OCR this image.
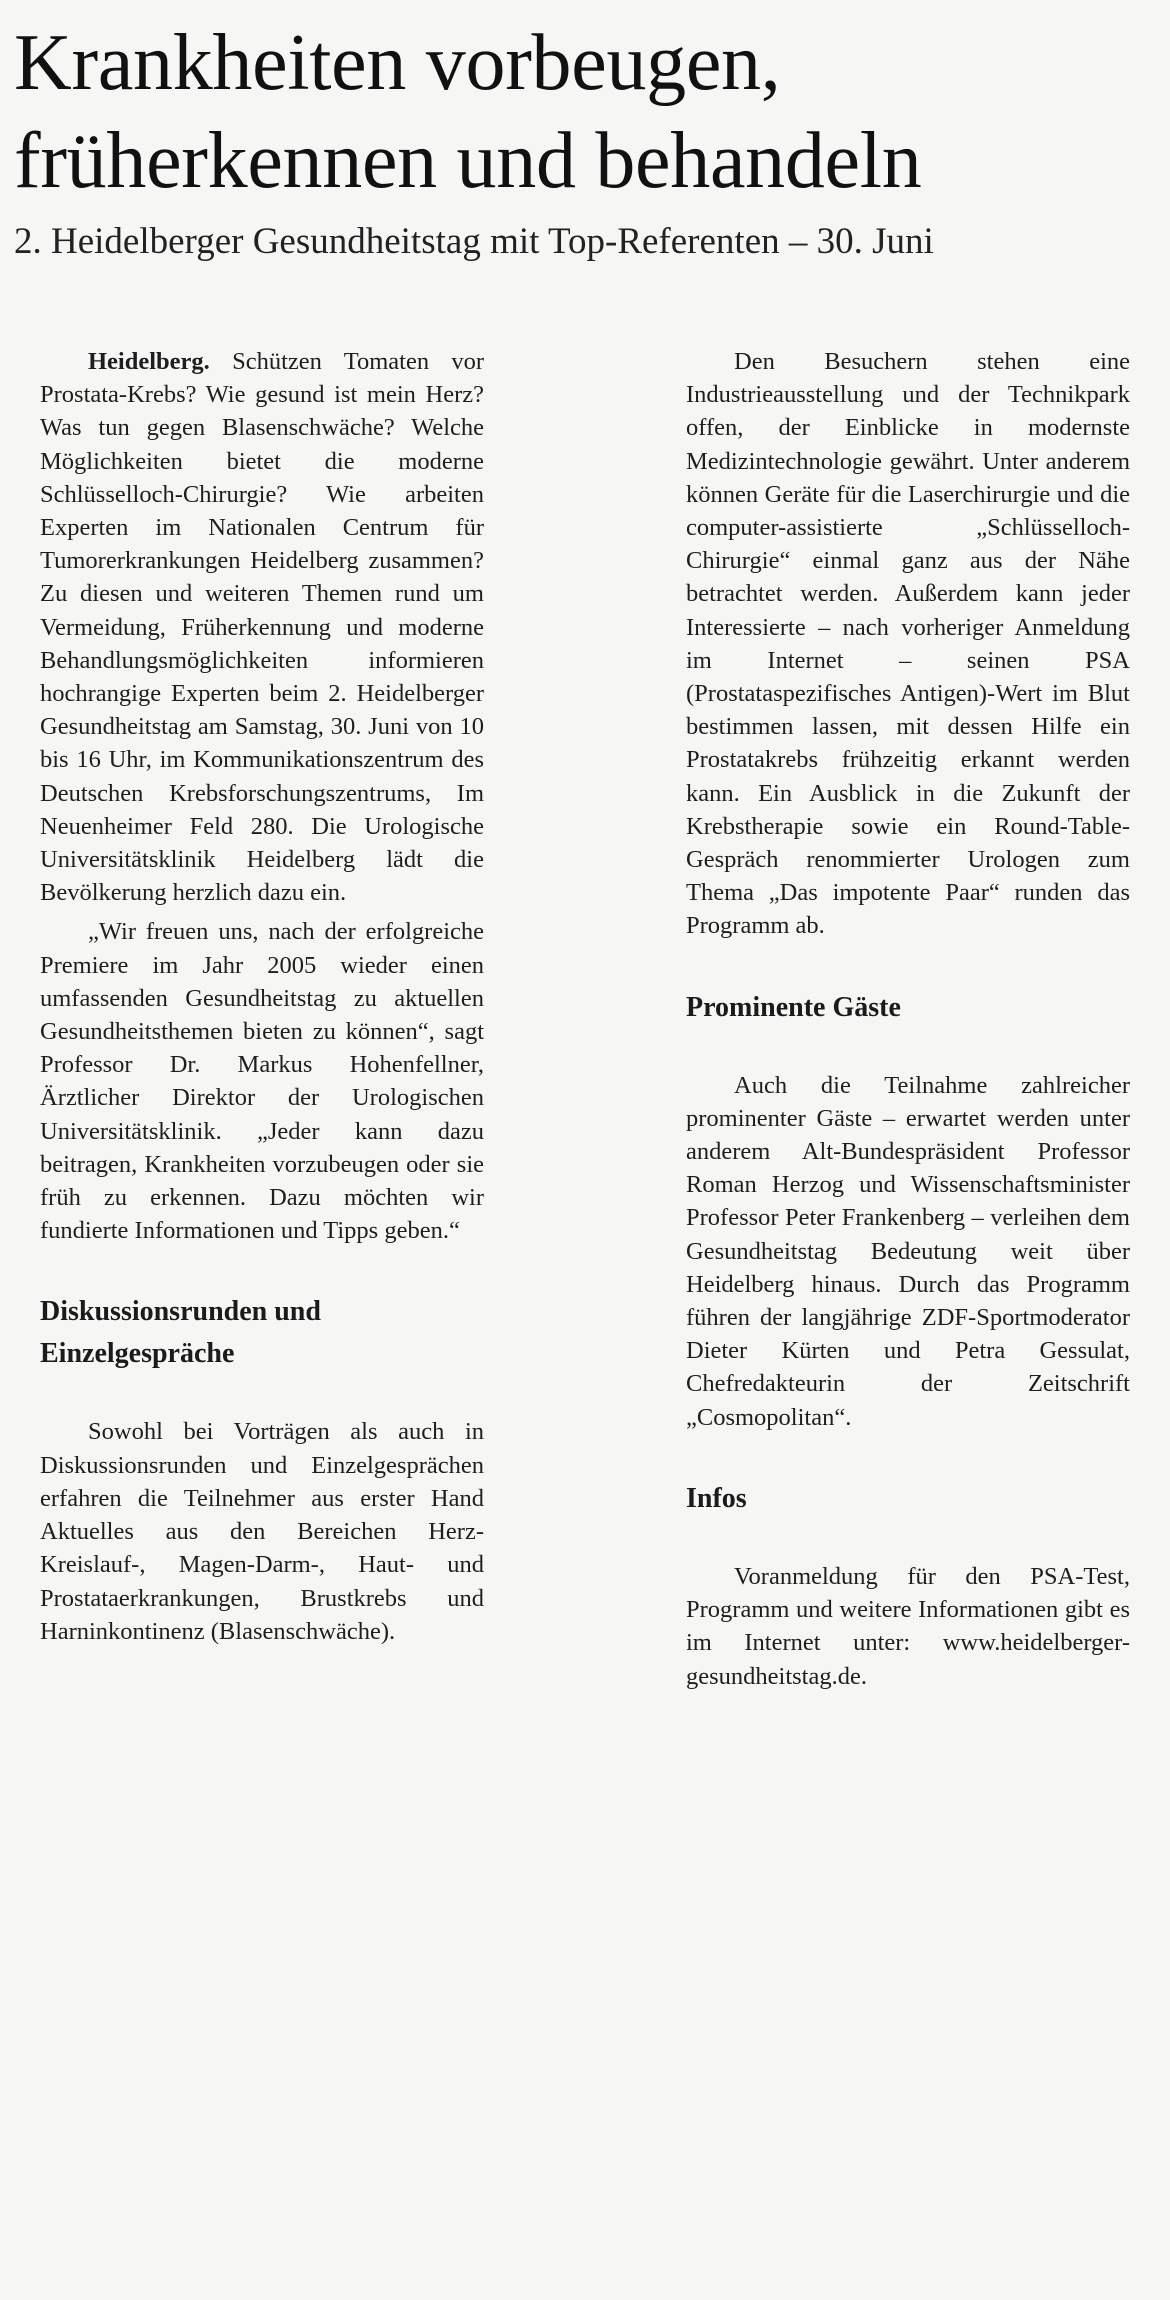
Krankheiten vorbeugen,
früherkennen und behandeln
2. Heidelberger Gesundheitstag mit Top-Referenten – 30. Juni

Heidelberg. Schützen Tomaten vor Prostata-Krebs? Wie gesund ist mein Herz? Was tun gegen Blasenschwäche? Welche Möglichkeiten bietet die moderne Schlüsselloch-Chirurgie? Wie arbeiten Experten im Nationalen Centrum für Tumorerkrankungen Heidelberg zusammen? Zu diesen und weiteren Themen rund um Vermeidung, Früherkennung und moderne Behandlungsmöglichkeiten informieren hochrangige Experten beim 2. Heidelberger Gesundheitstag am Samstag, 30. Juni von 10 bis 16 Uhr, im Kommunikationszentrum des Deutschen Krebsforschungszentrums, Im Neuenheimer Feld 280. Die Urologische Universitätsklinik Heidelberg lädt die Bevölkerung herzlich dazu ein.

„Wir freuen uns, nach der erfolgreiche Premiere im Jahr 2005 wieder einen umfassenden Gesundheitstag zu aktuellen Gesundheitsthemen bieten zu können“, sagt Professor Dr. Markus Hohenfellner, Ärztlicher Direktor der Urologischen Universitätsklinik. „Jeder kann dazu beitragen, Krankheiten vorzubeugen oder sie früh zu erkennen. Dazu möchten wir fundierte Informationen und Tipps geben.“

Diskussionsrunden und Einzelgespräche

Sowohl bei Vorträgen als auch in Diskussionsrunden und Einzelgesprächen erfahren die Teilnehmer aus erster Hand Aktuelles aus den Bereichen Herz-Kreislauf-, Magen-Darm-, Haut- und Prostataerkrankungen, Brustkrebs und Harninkontinenz (Blasenschwäche).

Den Besuchern stehen eine Industrieausstellung und der Technikpark offen, der Einblicke in modernste Medizintechnologie gewährt. Unter anderem können Geräte für die Laserchirurgie und die computer-assistierte „Schlüsselloch-Chirurgie“ einmal ganz aus der Nähe betrachtet werden. Außerdem kann jeder Interessierte – nach vorheriger Anmeldung im Internet – seinen PSA (Prostataspezifisches Antigen)-Wert im Blut bestimmen lassen, mit dessen Hilfe ein Prostatakrebs frühzeitig erkannt werden kann. Ein Ausblick in die Zukunft der Krebstherapie sowie ein Round-Table-Gespräch renommierter Urologen zum Thema „Das impotente Paar“ runden das Programm ab.

Prominente Gäste

Auch die Teilnahme zahlreicher prominenter Gäste – erwartet werden unter anderem Alt-Bundespräsident Professor Roman Herzog und Wissenschaftsminister Professor Peter Frankenberg – verleihen dem Gesundheitstag Bedeutung weit über Heidelberg hinaus. Durch das Programm führen der langjährige ZDF-Sportmoderator Dieter Kürten und Petra Gessulat, Chefredakteurin der Zeitschrift „Cosmopolitan“.

Infos

Voranmeldung für den PSA-Test, Programm und weitere Informationen gibt es im Internet unter: www.heidelberger-gesundheitstag.de.
